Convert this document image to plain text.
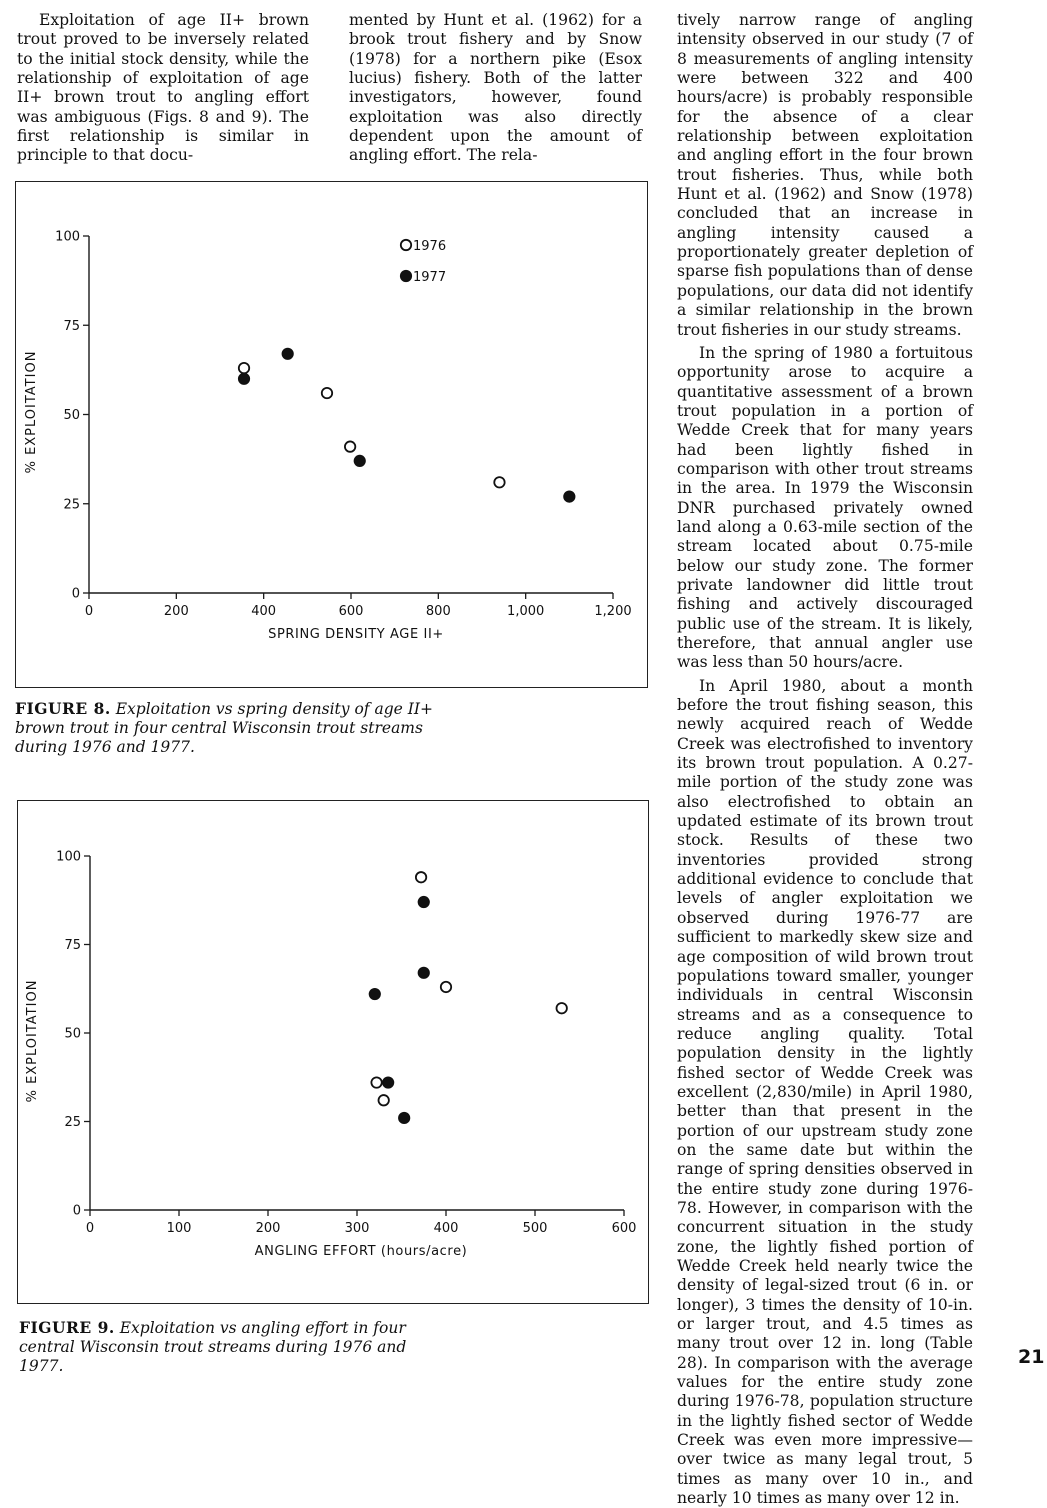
Exploitation of age II+ brown trout proved to be inversely related to the initial stock density, while the relationship of exploitation of age II+ brown trout to angling effort was ambiguous (Figs. 8 and 9). The first relationship is similar in principle to that docu-

mented by Hunt et al. (1962) for a brook trout fishery and by Snow (1978) for a northern pike (Esox lucius) fishery. Both of the latter investigators, however, found exploitation was also directly dependent upon the amount of angling effort. The rela-

tively narrow range of angling intensity observed in our study (7 of 8 measurements of angling intensity were between 322 and 400 hours/acre) is probably responsible for the absence of a clear relationship between exploitation and angling effort in the four brown trout fisheries. Thus, while both Hunt et al. (1962) and Snow (1978) concluded that an increase in angling intensity caused a proportionately greater depletion of sparse fish populations than of dense populations, our data did not identify a similar relationship in the brown trout fisheries in our study streams.

In the spring of 1980 a fortuitous opportunity arose to acquire a quantitative assessment of a brown trout population in a portion of Wedde Creek that for many years had been lightly fished in comparison with other trout streams in the area. In 1979 the Wisconsin DNR purchased privately owned land along a 0.63-mile section of the stream located about 0.75-mile below our study zone. The former private landowner did little trout fishing and actively discouraged public use of the stream. It is likely, therefore, that annual angler use was less than 50 hours/acre.

In April 1980, about a month before the trout fishing season, this newly acquired reach of Wedde Creek was electrofished to inventory its brown trout population. A 0.27-mile portion of the study zone was also electrofished to obtain an updated estimate of its brown trout stock. Results of these two inventories provided strong additional evidence to conclude that levels of angler exploitation we observed during 1976-77 are sufficient to markedly skew size and age composition of wild brown trout populations toward smaller, younger individuals in central Wisconsin streams and as a consequence to reduce angling quality. Total population density in the lightly fished sector of Wedde Creek was excellent (2,830/mile) in April 1980, better than that present in the portion of our upstream study zone on the same date but within the range of spring densities observed in the entire study zone during 1976-78. However, in comparison with the concurrent situation in the study zone, the lightly fished portion of Wedde Creek held nearly twice the density of legal-sized trout (6 in. or longer), 3 times the density of 10-in. or larger trout, and 4.5 times as many trout over 12 in. long (Table 28). In comparison with the average values for the entire study zone during 1976-78, population structure in the lightly fished sector of Wedde Creek was even more impressive—over twice as many legal trout, 5 times as many over 10 in., and nearly 10 times as many over 12 in.

0
25
50
75
100
0	200	400	600	800	1,000	1,200
SPRING DENSITY AGE II+
% EXPLOITATION
1976
1977
FIGURE 8. Exploitation vs spring density of age II+ brown trout in four central Wisconsin trout streams during 1976 and 1977.
0
25
50
75
100
0	100	200	300	400	500	600
ANGLING EFFORT (hours/acre)
% EXPLOITATION
FIGURE 9. Exploitation vs angling effort in four central Wisconsin trout streams during 1976 and 1977.	21
